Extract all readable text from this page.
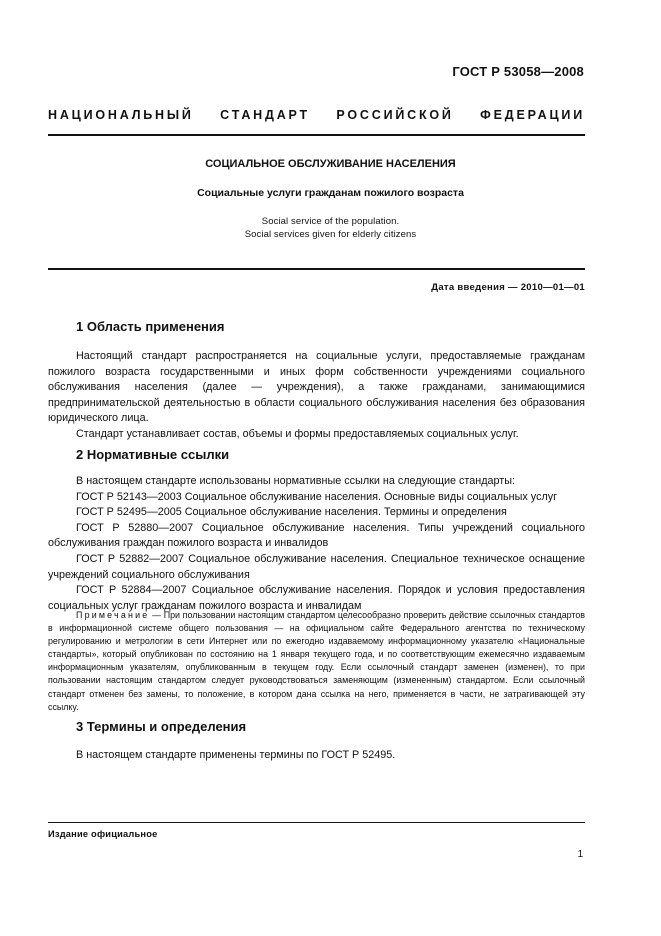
ГОСТ Р 53058—2008
НАЦИОНАЛЬНЫЙ СТАНДАРТ РОССИЙСКОЙ ФЕДЕРАЦИИ
СОЦИАЛЬНОЕ ОБСЛУЖИВАНИЕ НАСЕЛЕНИЯ
Социальные услуги гражданам пожилого возраста
Social service of the population.
Social services given for elderly citizens
Дата введения — 2010—01—01
1 Область применения

Настоящий стандарт распространяется на социальные услуги, предоставляемые гражданам пожилого возраста государственными и иных форм собственности учреждениями социального обслуживания населения (далее — учреждения), а также гражданами, занимающимися предпринимательской деятельностью в области социального обслуживания населения без образования юридического лица.

Стандарт устанавливает состав, объемы и формы предоставляемых социальных услуг.

2 Нормативные ссылки

В настоящем стандарте использованы нормативные ссылки на следующие стандарты:

ГОСТ Р 52143—2003 Социальное обслуживание населения. Основные виды социальных услуг

ГОСТ Р 52495—2005 Социальное обслуживание населения. Термины и определения

ГОСТ Р 52880—2007 Социальное обслуживание населения. Типы учреждений социального обслуживания граждан пожилого возраста и инвалидов

ГОСТ Р 52882—2007 Социальное обслуживание населения. Специальное техническое оснащение учреждений социального обслуживания

ГОСТ Р 52884—2007 Социальное обслуживание населения. Порядок и условия предоставления социальных услуг гражданам пожилого возраста и инвалидам

Примечание — При пользовании настоящим стандартом целесообразно проверить действие ссылочных стандартов в информационной системе общего пользования — на официальном сайте Федерального агентства по техническому регулированию и метрологии в сети Интернет или по ежегодно издаваемому информационному указателю «Национальные стандарты», который опубликован по состоянию на 1 января текущего года, и по соответствующим ежемесячно издаваемым информационным указателям, опубликованным в текущем году. Если ссылочный стандарт заменен (изменен), то при пользовании настоящим стандартом следует руководствоваться заменяющим (измененным) стандартом. Если ссылочный стандарт отменен без замены, то положение, в котором дана ссылка на него, применяется в части, не затрагивающей эту ссылку.

3 Термины и определения

В настоящем стандарте применены термины по ГОСТ Р 52495.

Издание официальное
1
